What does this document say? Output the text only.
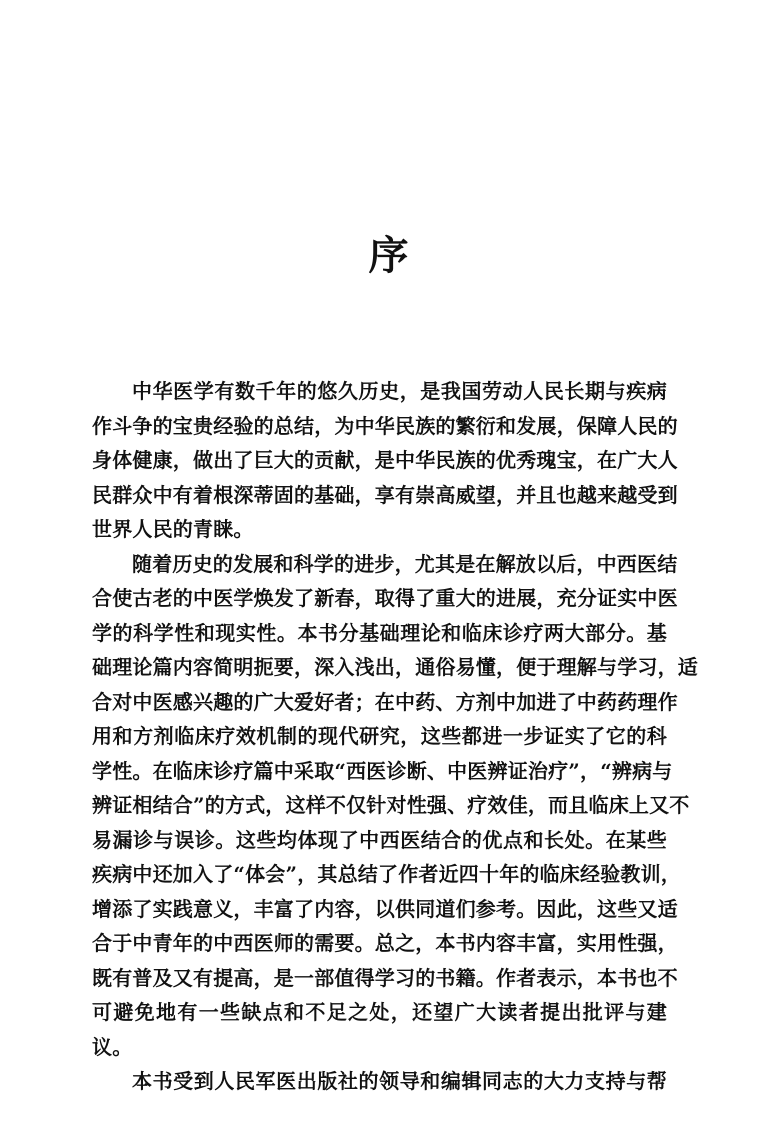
序
中华医学有数千年的悠久历史，是我国劳动人民长期与疾病
作斗争的宝贵经验的总结，为中华民族的繁衍和发展，保障人民的
身体健康，做出了巨大的贡献，是中华民族的优秀瑰宝，在广大人
民群众中有着根深蒂固的基础，享有崇高威望，并且也越来越受到
世界人民的青睐。
随着历史的发展和科学的进步，尤其是在解放以后，中西医结
合使古老的中医学焕发了新春，取得了重大的进展，充分证实中医
学的科学性和现实性。本书分基础理论和临床诊疗两大部分。基
础理论篇内容简明扼要，深入浅出，通俗易懂，便于理解与学习，适
合对中医感兴趣的广大爱好者；在中药、方剂中加进了中药药理作
用和方剂临床疗效机制的现代研究，这些都进一步证实了它的科
学性。在临床诊疗篇中采取“西医诊断、中医辨证治疗”，“辨病与
辨证相结合”的方式，这样不仅针对性强、疗效佳，而且临床上又不
易漏诊与误诊。这些均体现了中西医结合的优点和长处。在某些
疾病中还加入了“体会”，其总结了作者近四十年的临床经验教训，
增添了实践意义，丰富了内容，以供同道们参考。因此，这些又适
合于中青年的中西医师的需要。总之，本书内容丰富，实用性强，
既有普及又有提高，是一部值得学习的书籍。作者表示，本书也不
可避免地有一些缺点和不足之处，还望广大读者提出批评与建
议。
本书受到人民军医出版社的领导和编辑同志的大力支持与帮
